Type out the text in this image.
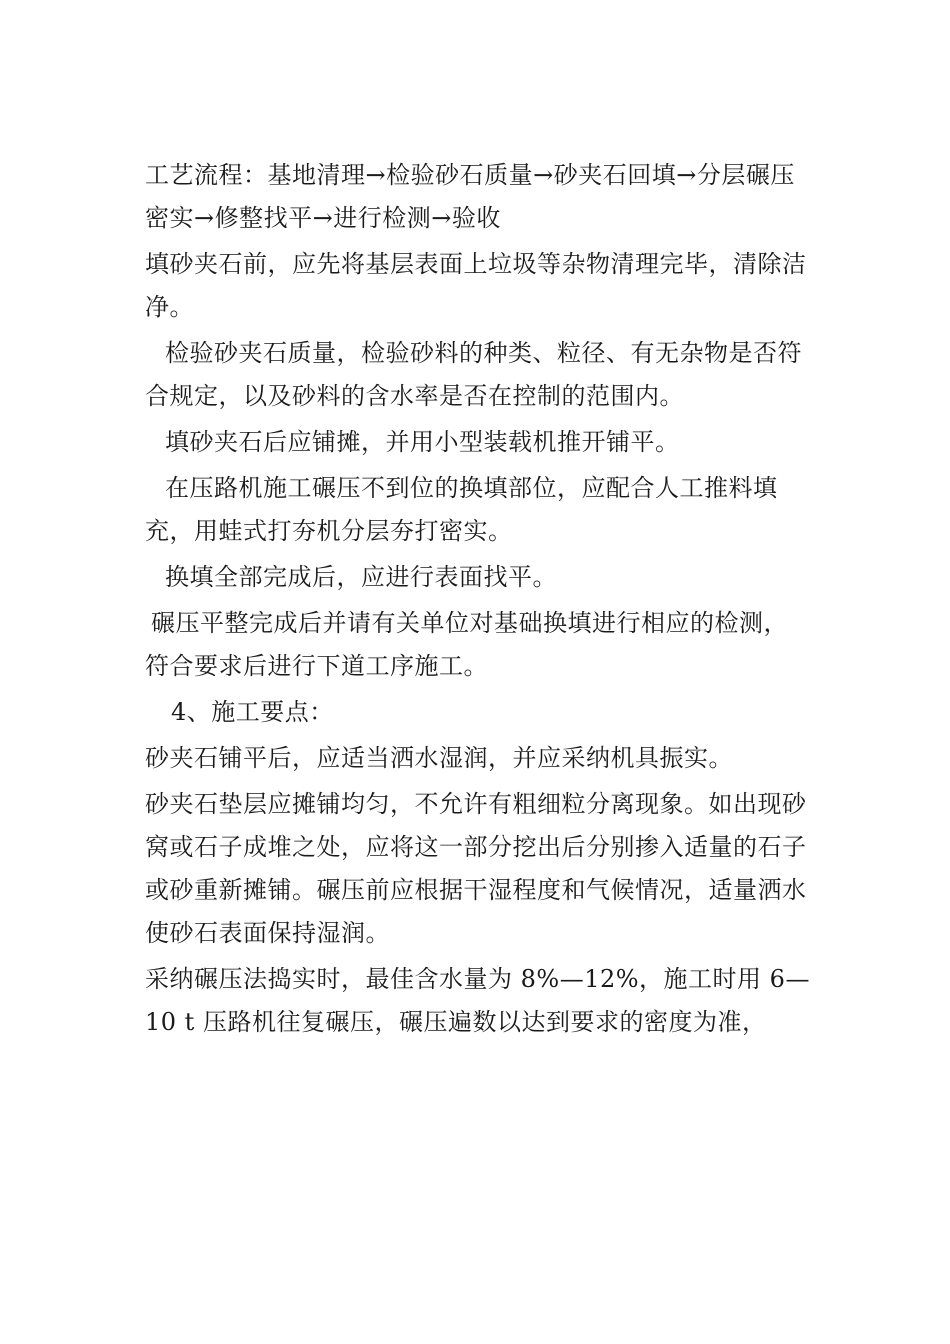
工艺流程：基地清理→检验砂石质量→砂夹石回填→分层碾压密实→修整找平→进行检测→验收

填砂夹石前，应先将基层表面上垃圾等杂物清理完毕，清除洁净。

检验砂夹石质量，检验砂料的种类、粒径、有无杂物是否符合规定，以及砂料的含水率是否在控制的范围内。

填砂夹石后应铺摊，并用小型装载机推开铺平。

在压路机施工碾压不到位的换填部位，应配合人工推料填充，用蛙式打夯机分层夯打密实。

换填全部完成后，应进行表面找平。

碾压平整完成后并请有关单位对基础换填进行相应的检测，符合要求后进行下道工序施工。

4、施工要点：

砂夹石铺平后，应适当洒水湿润，并应采纳机具振实。

砂夹石垫层应摊铺均匀，不允许有粗细粒分离现象。如出现砂窝或石子成堆之处，应将这一部分挖出后分别掺入适量的石子或砂重新摊铺。碾压前应根据干湿程度和气候情况，适量洒水使砂石表面保持湿润。

采纳碾压法捣实时，最佳含水量为 8%—12%，施工时用 6—10 t 压路机往复碾压，碾压遍数以达到要求的密度为准，
